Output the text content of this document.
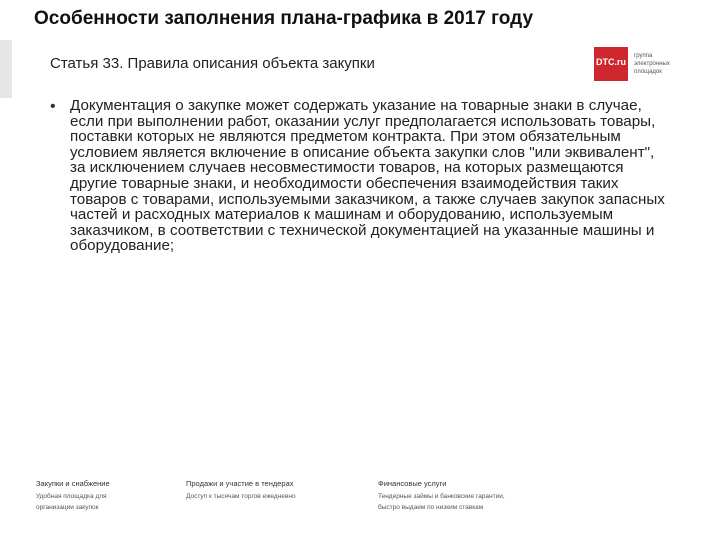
Особенности заполнения плана-графика в 2017 году
Статья 33. Правила описания объекта закупки	DTC.ru
группа электронных площадок
• Документация о закупке может содержать указание на товарные знаки в случае, если при выполнении работ, оказании услуг предполагается использовать товары, поставки которых не являются предметом контракта. При этом обязательным условием является включение в описание объекта закупки слов "или эквивалент", за исключением случаев несовместимости товаров, на которых размещаются другие товарные знаки, и необходимости обеспечения взаимодействия таких товаров с товарами, используемыми заказчиком, а также случаев закупок запасных частей и расходных материалов к машинам и оборудованию, используемым заказчиком, в соответствии с технической документацией на указанные машины и оборудование;
Закупки и снабжение
Удобная площадка для
организации закупок
Продажи и участие в тендерах
Доступ к тысячам торгов ежедневно
Финансовые услуги
Тендерные займы и банковские гарантии,
быстро выдаем по низким ставкам
